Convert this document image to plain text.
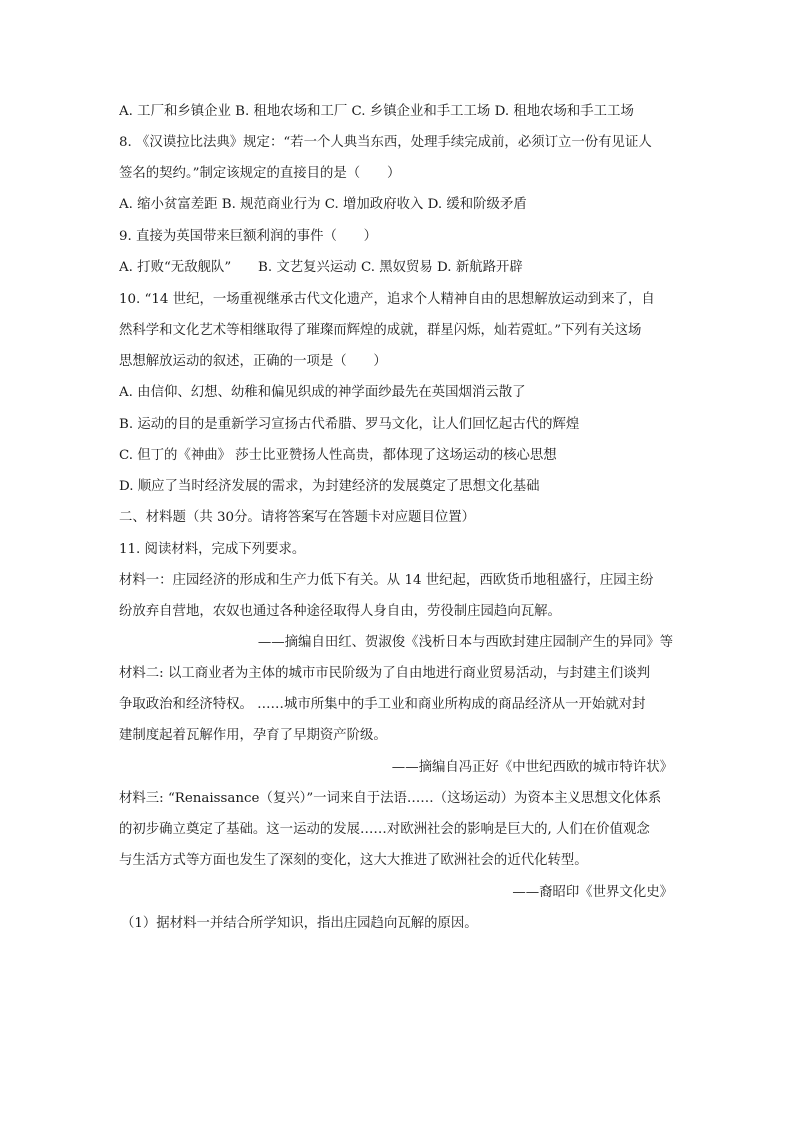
A. 工厂和乡镇企业 B. 租地农场和工厂 C. 乡镇企业和手工工场 D. 租地农场和手工工场
8. 《汉谟拉比法典》规定：“若一个人典当东西，处理手续完成前，必须订立一份有见证人
签名的契约。”制定该规定的直接目的是（　　）
A. 缩小贫富差距 B. 规范商业行为 C. 增加政府收入 D. 缓和阶级矛盾
9. 直接为英国带来巨额利润的事件（　　）
A. 打败“无敌舰队”　　B. 文艺复兴运动 C. 黑奴贸易 D. 新航路开辟
10. “14 世纪，一场重视继承古代文化遗产，追求个人精神自由的思想解放运动到来了，自
然科学和文化艺术等相继取得了璀璨而辉煌的成就，群星闪烁，灿若霓虹。”下列有关这场
思想解放运动的叙述，正确的一项是（　　）
A. 由信仰、幻想、幼稚和偏见织成的神学面纱最先在英国烟消云散了
B. 运动的目的是重新学习宣扬古代希腊、罗马文化，让人们回忆起古代的辉煌
C. 但丁的《神曲》 莎士比亚赞扬人性高贵，都体现了这场运动的核心思想
D. 顺应了当时经济发展的需求，为封建经济的发展奠定了思想文化基础
二、材料题（共 30分。请将答案写在答题卡对应题目位置）
11. 阅读材料，完成下列要求。
材料一：庄园经济的形成和生产力低下有关。从 14 世纪起，西欧货币地租盛行，庄园主纷
纷放弃自营地，农奴也通过各种途径取得人身自由，劳役制庄园趋向瓦解。
——摘编自田红、贺淑俊《浅析日本与西欧封建庄园制产生的异同》等
材料二: 以工商业者为主体的城市市民阶级为了自由地进行商业贸易活动，与封建主们谈判
争取政治和经济特权。 ……城市所集中的手工业和商业所构成的商品经济从一开始就对封
建制度起着瓦解作用，孕育了早期资产阶级。
——摘编自冯正好《中世纪西欧的城市特许状》
材料三: “Renaissance（复兴）”一词来自于法语……（这场运动）为资本主义思想文化体系
的初步确立奠定了基础。这一运动的发展……对欧洲社会的影响是巨大的, 人们在价值观念
与生活方式等方面也发生了深刻的变化，这大大推进了欧洲社会的近代化转型。
——裔昭印《世界文化史》
（1）据材料一并结合所学知识，指出庄园趋向瓦解的原因。
